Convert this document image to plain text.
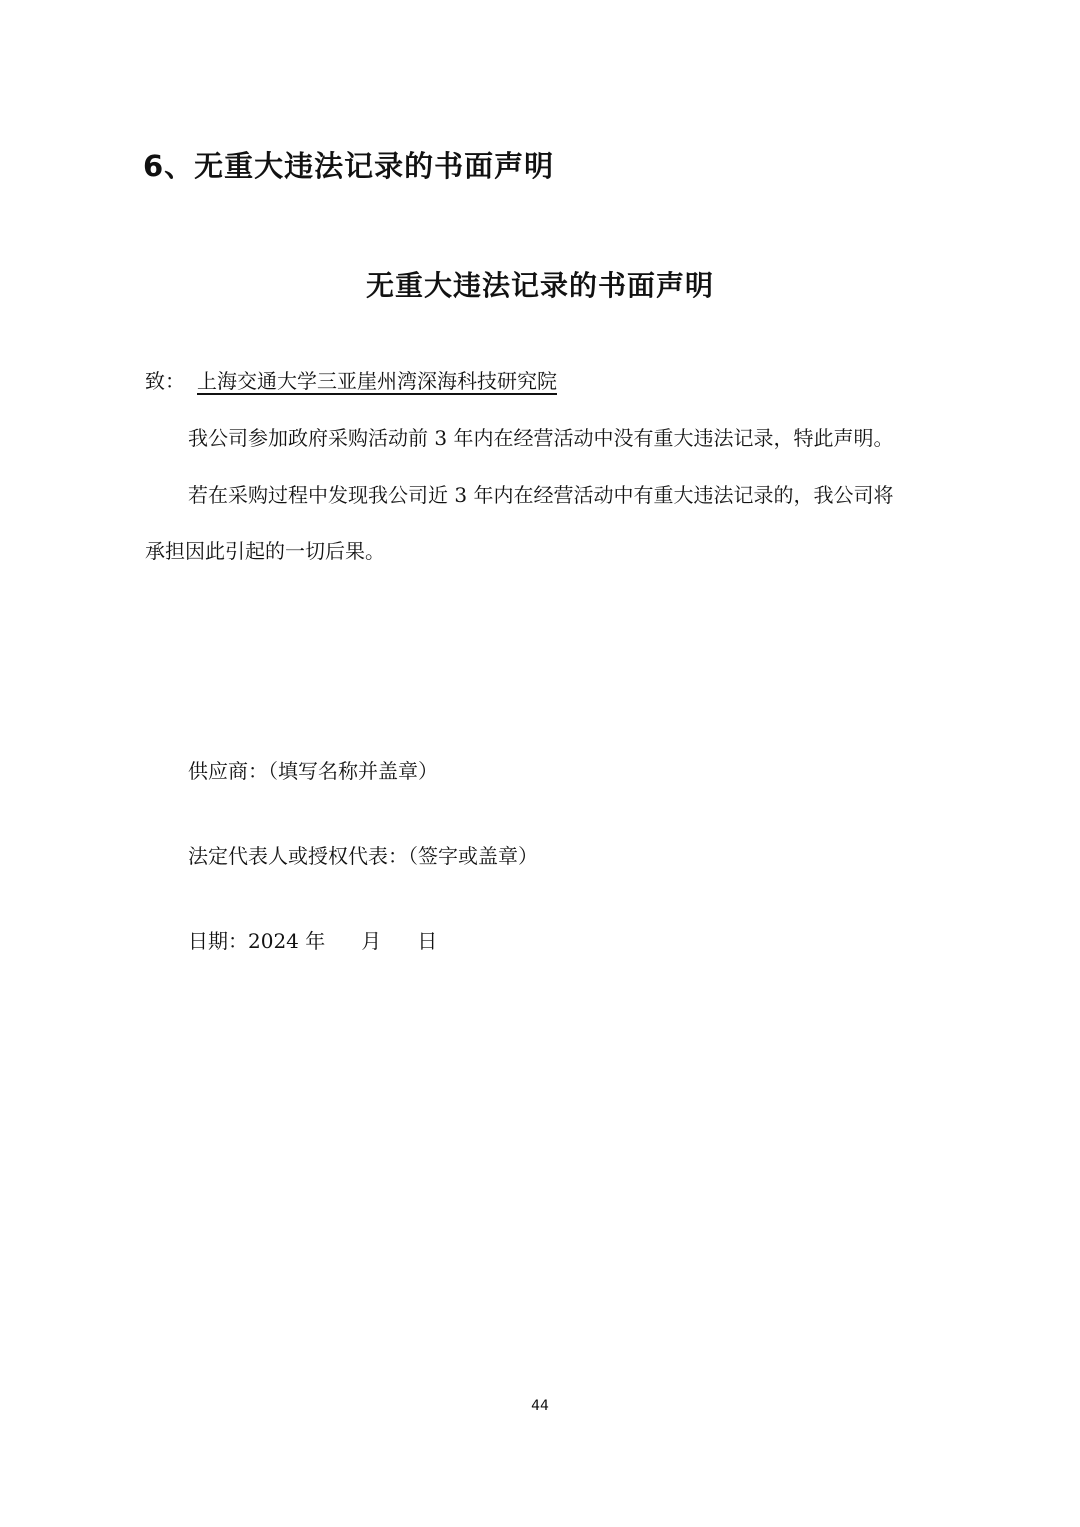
6、无重大违法记录的书面声明
无重大违法记录的书面声明

致： 上海交通大学三亚崖州湾深海科技研究院

我公司参加政府采购活动前 3 年内在经营活动中没有重大违法记录，特此声明。

若在采购过程中发现我公司近 3 年内在经营活动中有重大违法记录的，我公司将

承担因此引起的一切后果。

供应商：（填写名称并盖章）

法定代表人或授权代表：（签字或盖章）

日期：2024 年 月 日

44
